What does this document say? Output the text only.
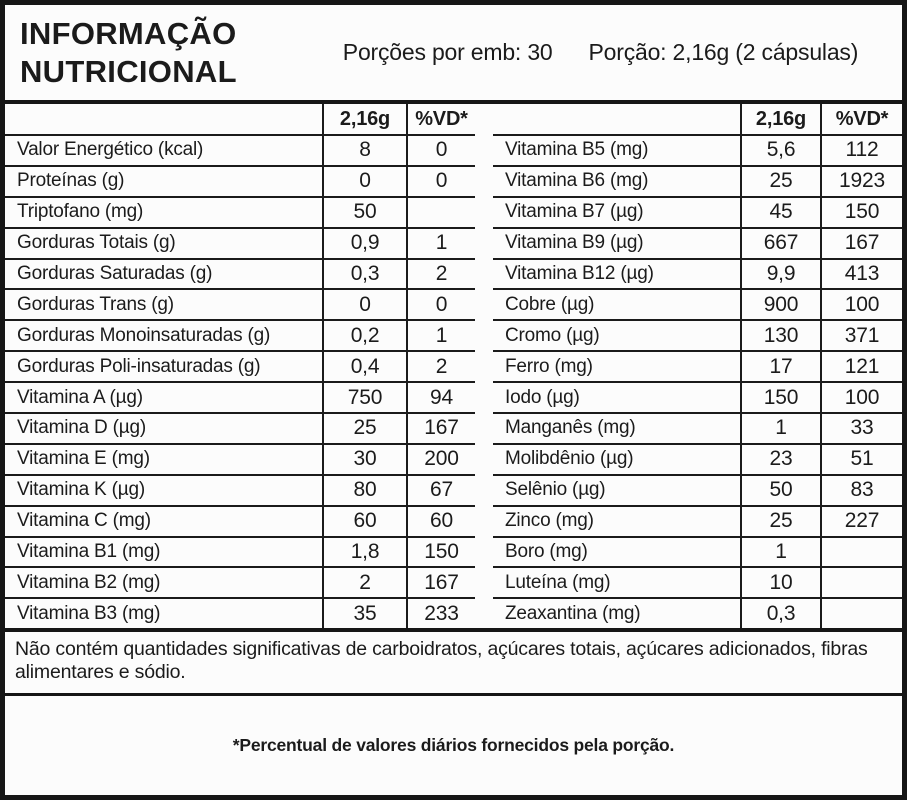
INFORMAÇÃO
NUTRICIONAL
Porções por emb: 30 Porção: 2,16g (2 cápsulas)
	2,16g	%VD*
Valor Energético (kcal)	8	0
Proteínas (g)	0	0
Triptofano (mg)	50	
Gorduras Totais (g)	0,9	1
Gorduras Saturadas (g)	0,3	2
Gorduras Trans (g)	0	0
Gorduras Monoinsaturadas (g)	0,2	1
Gorduras Poli-insaturadas (g)	0,4	2
Vitamina A (µg)	750	94
Vitamina D (µg)	25	167
Vitamina E (mg)	30	200
Vitamina K (µg)	80	67
Vitamina C (mg)	60	60
Vitamina B1 (mg)	1,8	150
Vitamina B2 (mg)	2	167
Vitamina B3 (mg)	35	233
	2,16g	%VD*
Vitamina B5 (mg)	5,6	112
Vitamina B6 (mg)	25	1923
Vitamina B7 (µg)	45	150
Vitamina B9 (µg)	667	167
Vitamina B12 (µg)	9,9	413
Cobre (µg)	900	100
Cromo (µg)	130	371
Ferro (mg)	17	121
Iodo (µg)	150	100
Manganês (mg)	1	33
Molibdênio (µg)	23	51
Selênio (µg)	50	83
Zinco (mg)	25	227
Boro (mg)	1	
Luteína (mg)	10	
Zeaxantina (mg)	0,3	
Não contém quantidades significativas de carboidratos, açúcares totais, açúcares adicionados, fibras alimentares e sódio.
*Percentual de valores diários fornecidos pela porção.
